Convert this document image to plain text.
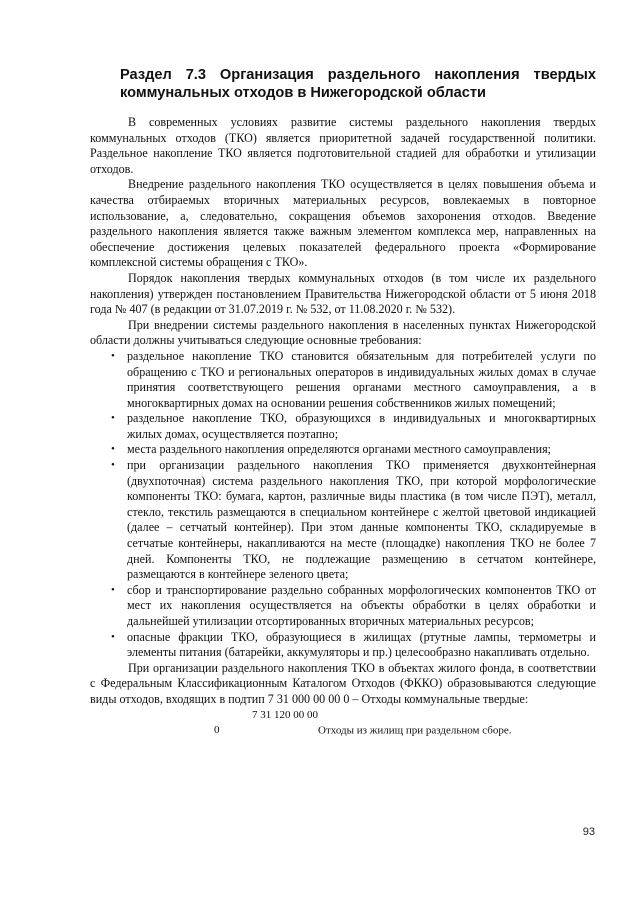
Раздел 7.3 Организация раздельного накопления твердых коммунальных отходов в Нижегородской области

В современных условиях развитие системы раздельного накопления твердых коммунальных отходов (ТКО) является приоритетной задачей государственной политики. Раздельное накопление ТКО является подготовительной стадией для обработки и утилизации отходов.

Внедрение раздельного накопления ТКО осуществляется в целях повышения объема и качества отбираемых вторичных материальных ресурсов, вовлекаемых в повторное использование, а, следовательно, сокращения объемов захоронения отходов. Введение раздельного накопления является также важным элементом комплекса мер, направленных на обеспечение достижения целевых показателей федерального проекта «Формирование комплексной системы обращения с ТКО».

Порядок накопления твердых коммунальных отходов (в том числе их раздельного накопления) утвержден постановлением Правительства Нижегородской области от 5 июня 2018 года № 407 (в редакции от 31.07.2019 г. № 532, от 11.08.2020 г. № 532).

При внедрении системы раздельного накопления в населенных пунктах Нижегородской области должны учитываться следующие основные требования:

• раздельное накопление ТКО становится обязательным для потребителей услуги по обращению с ТКО и региональных операторов в индивидуальных жилых домах в случае принятия соответствующего решения органами местного самоуправления, а в многоквартирных домах на основании решения собственников жилых помещений;
• раздельное накопление ТКО, образующихся в индивидуальных и многоквартирных жилых домах, осуществляется поэтапно;
• места раздельного накопления определяются органами местного самоуправления;
• при организации раздельного накопления ТКО применяется двухконтейнерная (двухпоточная) система раздельного накопления ТКО, при которой морфологические компоненты ТКО: бумага, картон, различные виды пластика (в том числе ПЭТ), металл, стекло, текстиль размещаются в специальном контейнере с желтой цветовой индикацией (далее – сетчатый контейнер). При этом данные компоненты ТКО, складируемые в сетчатые контейнеры, накапливаются на месте (площадке) накопления ТКО не более 7 дней. Компоненты ТКО, не подлежащие размещению в сетчатом контейнере, размещаются в контейнере зеленого цвета;
• сбор и транспортирование раздельно собранных морфологических компонентов ТКО от мест их накопления осуществляется на объекты обработки в целях обработки и дальнейшей утилизации отсортированных вторичных материальных ресурсов;
• опасные фракции ТКО, образующиеся в жилищах (ртутные лампы, термометры и элементы питания (батарейки, аккумуляторы и пр.) целесообразно накапливать отдельно.

При организации раздельного накопления ТКО в объектах жилого фонда, в соответствии с Федеральным Классификационным Каталогом Отходов (ФККО) образовываются следующие виды отходов, входящих в подтип 7 31 000 00 00 0 – Отходы коммунальные твердые:

7 31 120 00 00 0	Отходы из жилищ при раздельном сборе.

93
